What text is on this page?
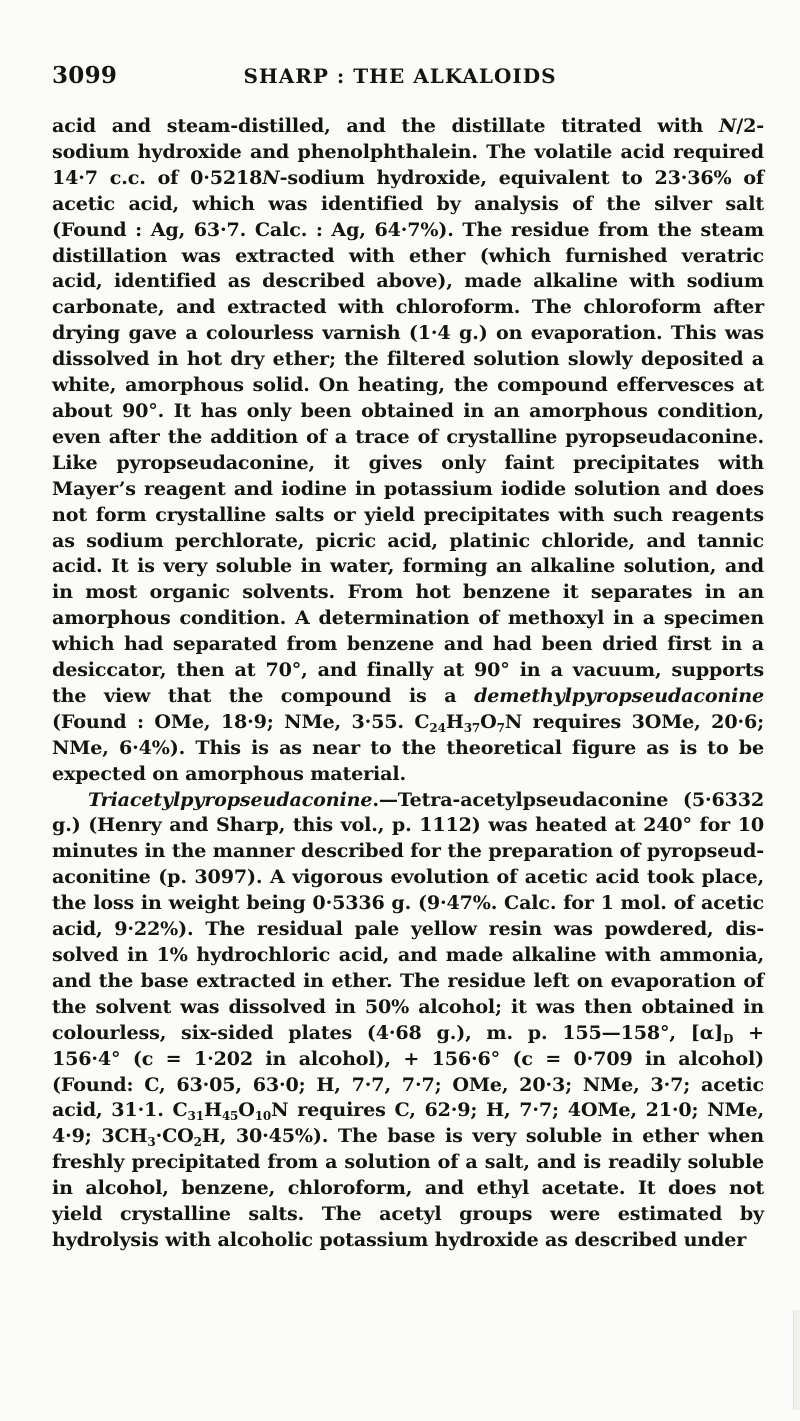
3099	SHARP : THE ALKALOIDS

acid and steam-distilled, and the distillate titrated with N/2-sodium hydroxide and phenolphthalein. The volatile acid required 14·7 c.c. of 0·5218N-sodium hydroxide, equivalent to 23·36% of acetic acid, which was identified by analysis of the silver salt (Found : Ag, 63·7. Calc. : Ag, 64·7%). The residue from the steam distillation was extracted with ether (which furnished veratric acid, identified as described above), made alkaline with sodium carbonate, and extracted with chloroform. The chloroform after drying gave a colourless varnish (1·4 g.) on evaporation. This was dissolved in hot dry ether; the filtered solution slowly deposited a white, amorphous solid. On heating, the compound effervesces at about 90°. It has only been obtained in an amorphous condition, even after the addition of a trace of crystalline pyropseudaconine. Like pyropseudaconine, it gives only faint precipitates with Mayer’s reagent and iodine in potassium iodide solution and does not form crystalline salts or yield precipitates with such reagents as sodium perchlorate, picric acid, platinic chloride, and tannic acid. It is very soluble in water, forming an alkaline solution, and in most organic solvents. From hot benzene it separates in an amorphous condition. A determination of methoxyl in a specimen which had separated from benzene and had been dried first in a desiccator, then at 70°, and finally at 90° in a vacuum, supports the view that the compound is a demethylpyropseudaconine (Found : OMe, 18·9; NMe, 3·55. $C_{24}H_{37}O_7N$ requires 3OMe, 20·6; NMe, 6·4%). This is as near to the theoretical figure as is to be expected on amorphous material.

Triacetylpyropseudaconine.—Tetra-acetylpseudaconine (5·6332 g.) (Henry and Sharp, this vol., p. 1112) was heated at 240° for 10 minutes in the manner described for the preparation of pyropseud-aconitine (p. 3097). A vigorous evolution of acetic acid took place, the loss in weight being 0·5336 g. (9·47%. Calc. for 1 mol. of acetic acid, 9·22%). The residual pale yellow resin was powdered, dis-solved in 1% hydrochloric acid, and made alkaline with ammonia, and the base extracted in ether. The residue left on evaporation of the solvent was dissolved in 50% alcohol; it was then obtained in colourless, six-sided plates (4·68 g.), m. p. 155—158°, $[\alpha]_D + 156\cdot 4^\circ$ (c = 1·202 in alcohol), + 156·6° (c = 0·709 in alcohol) (Found: C, 63·05, 63·0; H, 7·7, 7·7; OMe, 20·3; NMe, 3·7; acetic acid, 31·1. $C_{31}H_{45}O_{10}N$ requires C, 62·9; H, 7·7; 4OMe, 21·0; NMe, 4·9; $3CH_3\cdot CO_2H$, 30·45%). The base is very soluble in ether when freshly precipitated from a solution of a salt, and is readily soluble in alcohol, benzene, chloroform, and ethyl acetate. It does not yield crystalline salts. The acetyl groups were estimated by hydrolysis with alcoholic potassium hydroxide as described under
